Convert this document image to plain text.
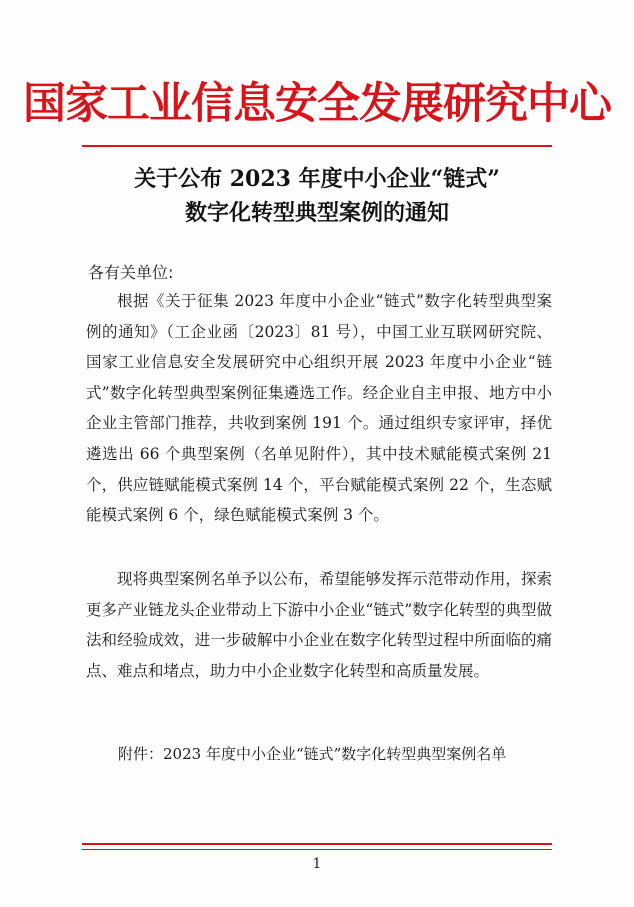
国家工业信息安全发展研究中心
关于公布 2023 年度中小企业“链式”
数字化转型典型案例的通知
各有关单位:
根据《关于征集 2023 年度中小企业“链式”数字化转型典型案例的通知》（工企业函〔2023〕81 号），中国工业互联网研究院、国家工业信息安全发展研究中心组织开展 2023 年度中小企业“链式”数字化转型典型案例征集遴选工作。经企业自主申报、地方中小企业主管部门推荐，共收到案例 191 个。通过组织专家评审，择优遴选出 66 个典型案例（名单见附件），其中技术赋能模式案例 21 个，供应链赋能模式案例 14 个，平台赋能模式案例 22 个，生态赋能模式案例 6 个，绿色赋能模式案例 3 个。
现将典型案例名单予以公布，希望能够发挥示范带动作用，探索更多产业链龙头企业带动上下游中小企业“链式”数字化转型的典型做法和经验成效，进一步破解中小企业在数字化转型过程中所面临的痛点、难点和堵点，助力中小企业数字化转型和高质量发展。
附件：2023 年度中小企业“链式”数字化转型典型案例名单
1
